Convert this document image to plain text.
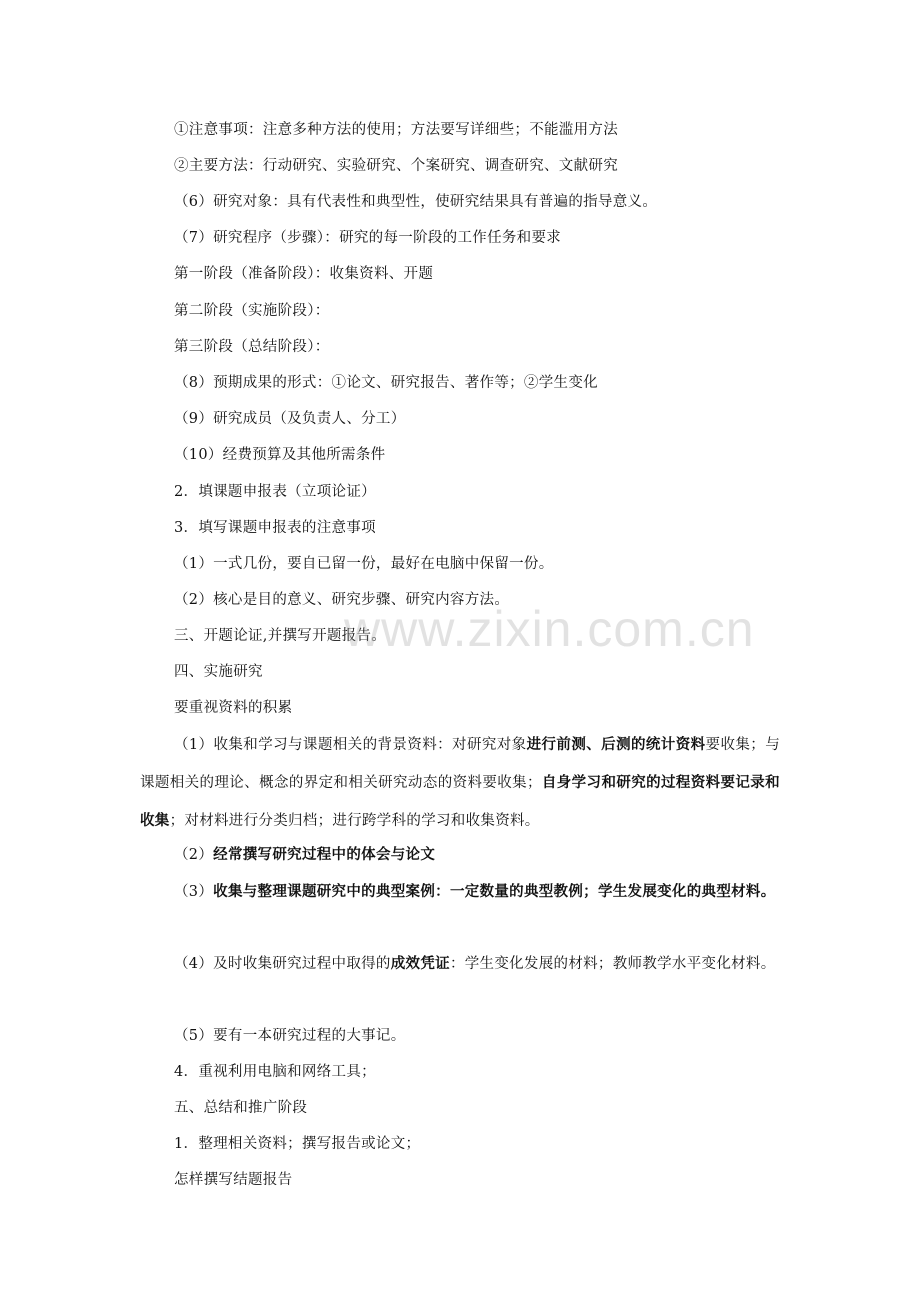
①注意事项：注意多种方法的使用；方法要写详细些；不能滥用方法
②主要方法：行动研究、实验研究、个案研究、调查研究、文献研究
（6）研究对象：具有代表性和典型性，使研究结果具有普遍的指导意义。
（7）研究程序（步骤）：研究的每一阶段的工作任务和要求
第一阶段（准备阶段）：收集资料、开题
第二阶段（实施阶段）：
第三阶段（总结阶段）：
（8）预期成果的形式：①论文、研究报告、著作等；②学生变化
（9）研究成员（及负责人、分工）
（10）经费预算及其他所需条件
2．填课题申报表（立项论证）
3．填写课题申报表的注意事项
（1）一式几份，要自已留一份，最好在电脑中保留一份。
（2）核心是目的意义、研究步骤、研究内容方法。
三、开题论证,并撰写开题报告。
四、实施研究
要重视资料的积累
（1）收集和学习与课题相关的背景资料：对研究对象进行前测、后测的统计资料要收集；与课题相关的理论、概念的界定和相关研究动态的资料要收集；自身学习和研究的过程资料要记录和收集；对材料进行分类归档；进行跨学科的学习和收集资料。
（2）经常撰写研究过程中的体会与论文
（3）收集与整理课题研究中的典型案例：一定数量的典型教例；学生发展变化的典型材料。
（4）及时收集研究过程中取得的成效凭证：学生变化发展的材料；教师教学水平变化材料。
（5）要有一本研究过程的大事记。
4．重视利用电脑和网络工具；
五、总结和推广阶段
1．整理相关资料；撰写报告或论文；
怎样撰写结题报告
www.zixin.com.cn
